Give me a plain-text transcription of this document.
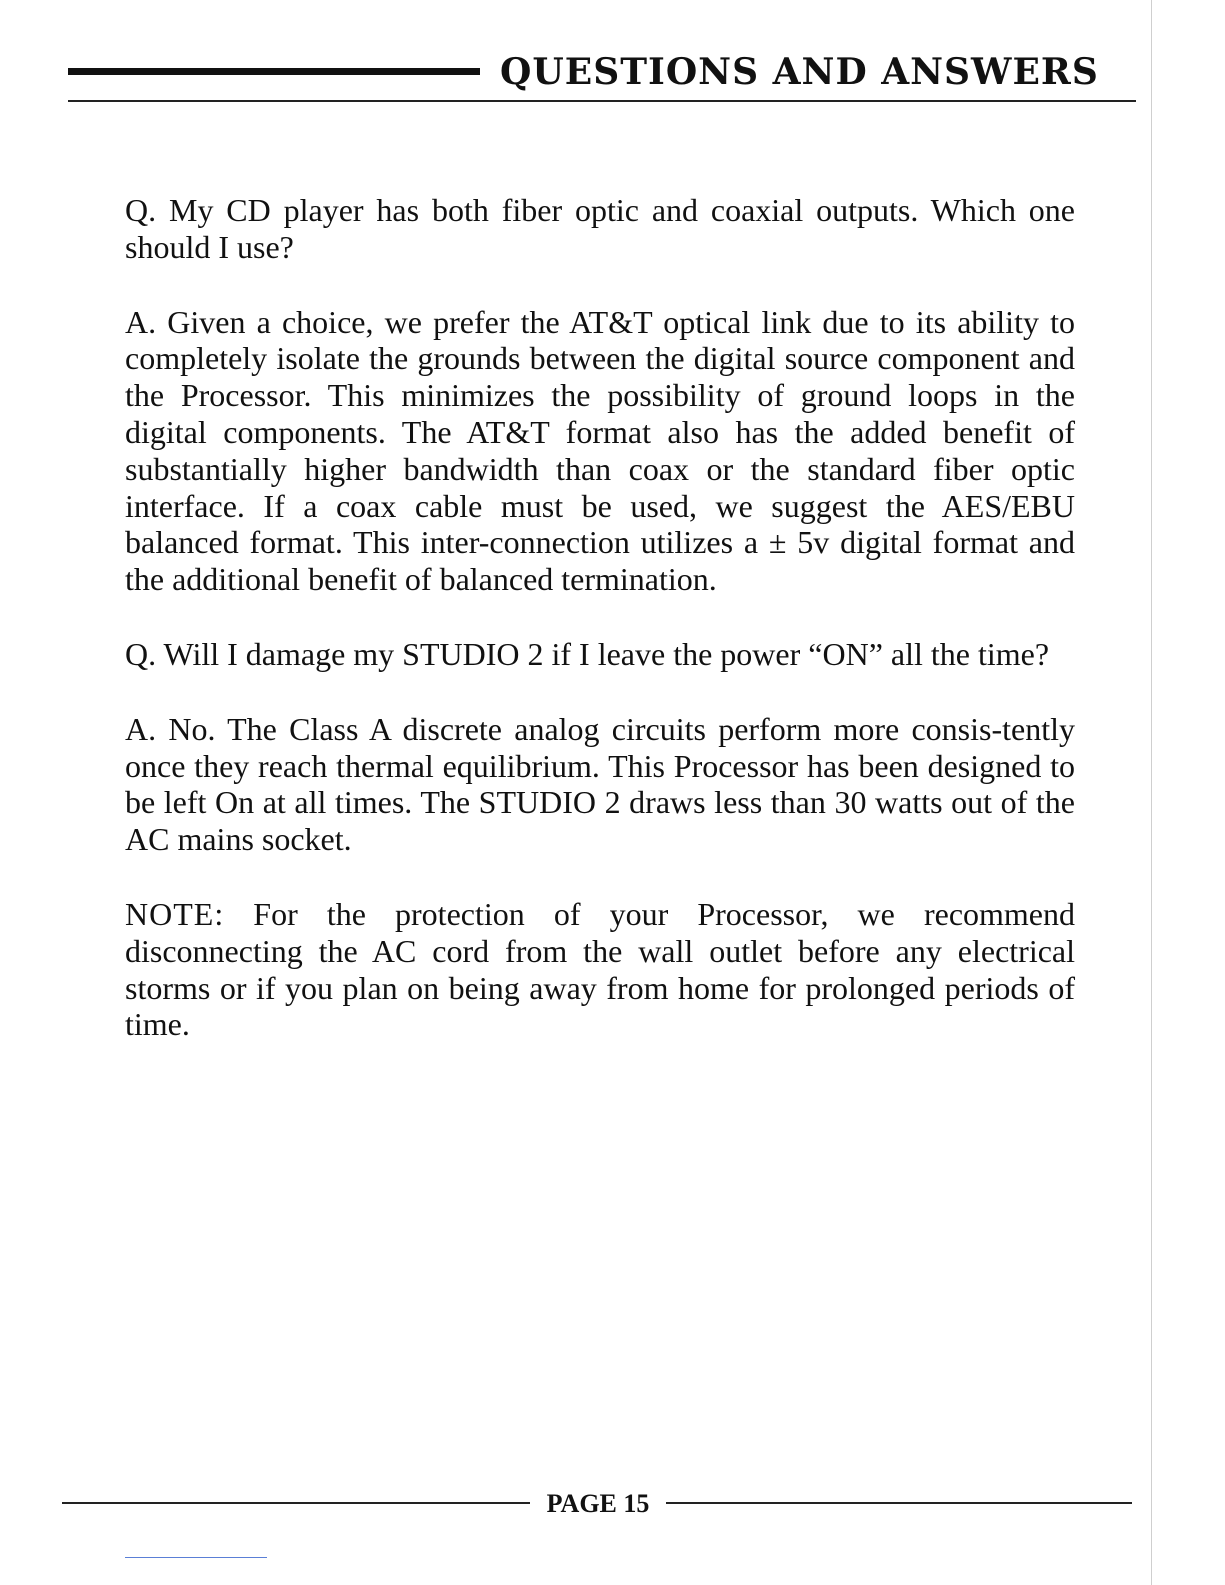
QUESTIONS AND ANSWERS

Q. My CD player has both fiber optic and coaxial outputs. Which one should I use?

A. Given a choice, we prefer the AT&T optical link due to its ability to completely isolate the grounds between the digital source component and the Processor. This minimizes the possibility of ground loops in the digital components. The AT&T format also has the added benefit of substantially higher bandwidth than coax or the standard fiber optic interface. If a coax cable must be used, we suggest the AES/EBU balanced format. This inter-connection utilizes a ± 5v digital format and the additional benefit of balanced termination.

Q. Will I damage my STUDIO 2 if I leave the power “ON” all the time?

A. No. The Class A discrete analog circuits perform more consis-tently once they reach thermal equilibrium. This Processor has been designed to be left On at all times. The STUDIO 2 draws less than 30 watts out of the AC mains socket.

NOTE: For the protection of your Processor, we recommend disconnecting the AC cord from the wall outlet before any electrical storms or if you plan on being away from home for prolonged periods of time.

PAGE 15
